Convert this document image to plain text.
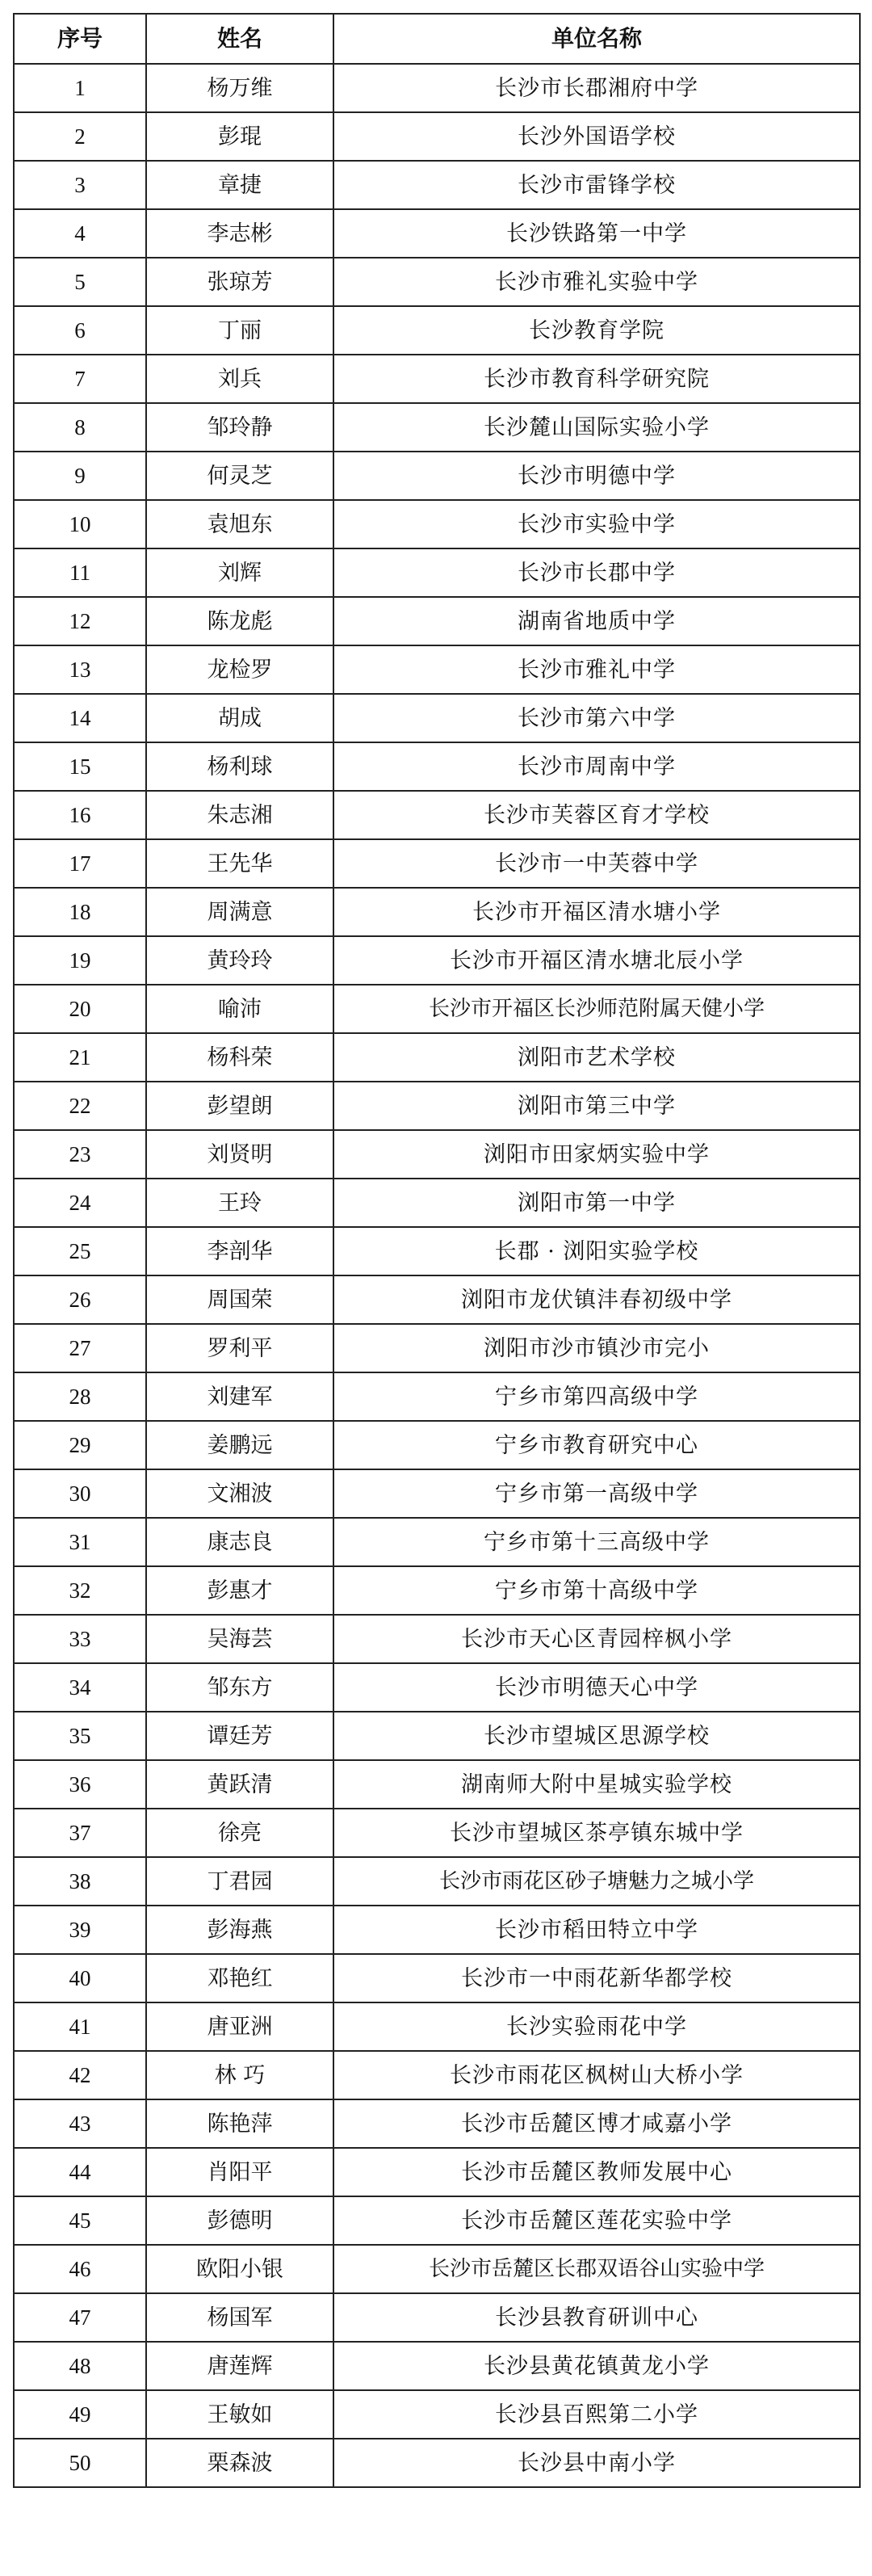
序号	姓名	单位名称
1	杨万维	长沙市长郡湘府中学
2	彭琨	长沙外国语学校
3	章捷	长沙市雷锋学校
4	李志彬	长沙铁路第一中学
5	张琼芳	长沙市雅礼实验中学
6	丁丽	长沙教育学院
7	刘兵	长沙市教育科学研究院
8	邹玲静	长沙麓山国际实验小学
9	何灵芝	长沙市明德中学
10	袁旭东	长沙市实验中学
11	刘辉	长沙市长郡中学
12	陈龙彪	湖南省地质中学
13	龙检罗	长沙市雅礼中学
14	胡成	长沙市第六中学
15	杨利球	长沙市周南中学
16	朱志湘	长沙市芙蓉区育才学校
17	王先华	长沙市一中芙蓉中学
18	周满意	长沙市开福区清水塘小学
19	黄玲玲	长沙市开福区清水塘北辰小学
20	喻沛	长沙市开福区长沙师范附属天健小学
21	杨科荣	浏阳市艺术学校
22	彭望朗	浏阳市第三中学
23	刘贤明	浏阳市田家炳实验中学
24	王玲	浏阳市第一中学
25	李剖华	长郡 · 浏阳实验学校
26	周国荣	浏阳市龙伏镇沣春初级中学
27	罗利平	浏阳市沙市镇沙市完小
28	刘建军	宁乡市第四高级中学
29	姜鹏远	宁乡市教育研究中心
30	文湘波	宁乡市第一高级中学
31	康志良	宁乡市第十三高级中学
32	彭惠才	宁乡市第十高级中学
33	吴海芸	长沙市天心区青园梓枫小学
34	邹东方	长沙市明德天心中学
35	谭廷芳	长沙市望城区思源学校
36	黄跃清	湖南师大附中星城实验学校
37	徐亮	长沙市望城区茶亭镇东城中学
38	丁君园	长沙市雨花区砂子塘魅力之城小学
39	彭海燕	长沙市稻田特立中学
40	邓艳红	长沙市一中雨花新华都学校
41	唐亚洲	长沙实验雨花中学
42	林 巧	长沙市雨花区枫树山大桥小学
43	陈艳萍	长沙市岳麓区博才咸嘉小学
44	肖阳平	长沙市岳麓区教师发展中心
45	彭德明	长沙市岳麓区莲花实验中学
46	欧阳小银	长沙市岳麓区长郡双语谷山实验中学
47	杨国军	长沙县教育研训中心
48	唐莲辉	长沙县黄花镇黄龙小学
49	王敏如	长沙县百熙第二小学
50	栗森波	长沙县中南小学
